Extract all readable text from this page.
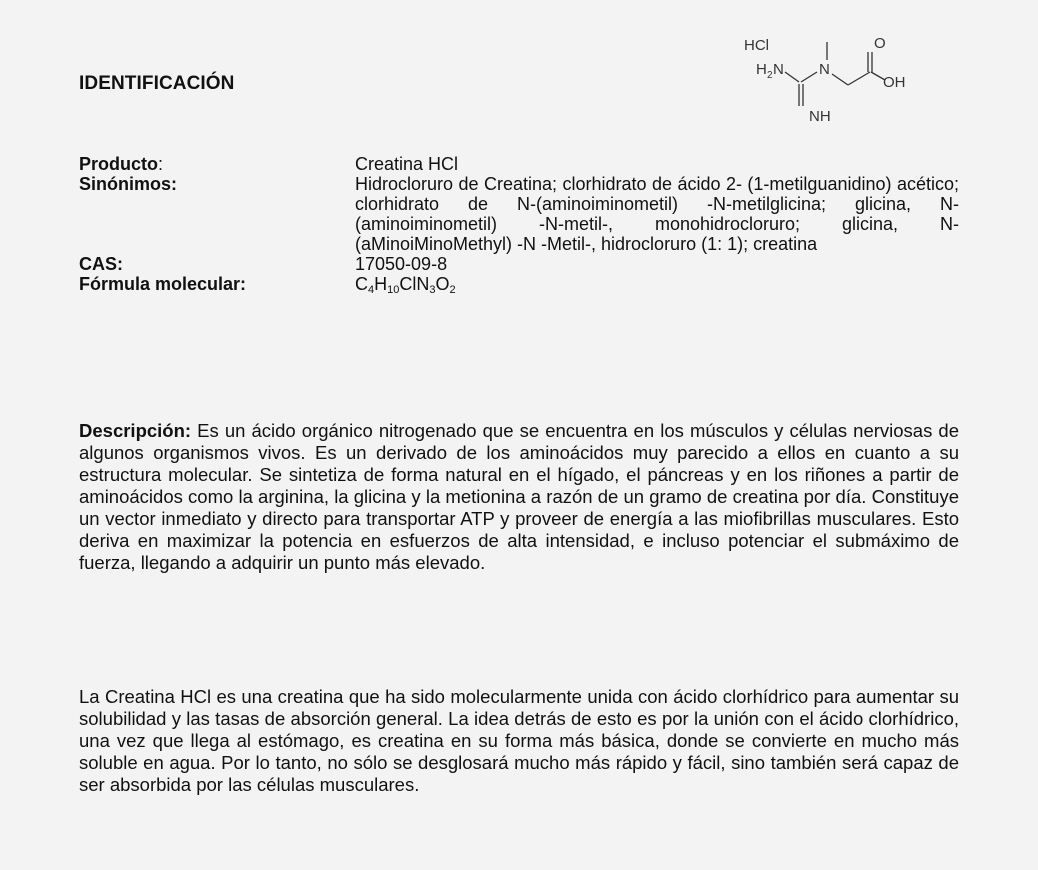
IDENTIFICACIÓN
HCl
H 2 N N
O
OH
NH
Producto:	Creatina HCl
Sinónimos:	Hidrocloruro de Creatina; clorhidrato de ácido 2- (1-metilguanidino) acético; clorhidrato de N-(aminoiminometil) -N-metilglicina; glicina, N-(aminoiminometil) -N-metil-, monohidrocloruro; glicina, N- (aMinoiMinoMethyl) -N -Metil-, hidrocloruro (1: 1); creatina
CAS:	17050-09-8
Fórmula molecular:	$C_4H_{10}ClN_3O_2$
Descripción: Es un ácido orgánico nitrogenado que se encuentra en los músculos y células nerviosas de algunos organismos vivos. Es un derivado de los aminoácidos muy parecido a ellos en cuanto a su estructura molecular. Se sintetiza de forma natural en el hígado, el páncreas y en los riñones a partir de aminoácidos como la arginina, la glicina y la metionina a razón de un gramo de creatina por día. Constituye un vector inmediato y directo para transportar ATP y proveer de energía a las miofibrillas musculares. Esto deriva en maximizar la potencia en esfuerzos de alta intensidad, e incluso potenciar el submáximo de fuerza, llegando a adquirir un punto más elevado.
La Creatina HCl es una creatina que ha sido molecularmente unida con ácido clorhídrico para aumentar su solubilidad y las tasas de absorción general. La idea detrás de esto es por la unión con el ácido clorhídrico, una vez que llega al estómago, es creatina en su forma más básica, donde se convierte en mucho más soluble en agua. Por lo tanto, no sólo se desglosará mucho más rápido y fácil, sino también será capaz de ser absorbida por las células musculares.
